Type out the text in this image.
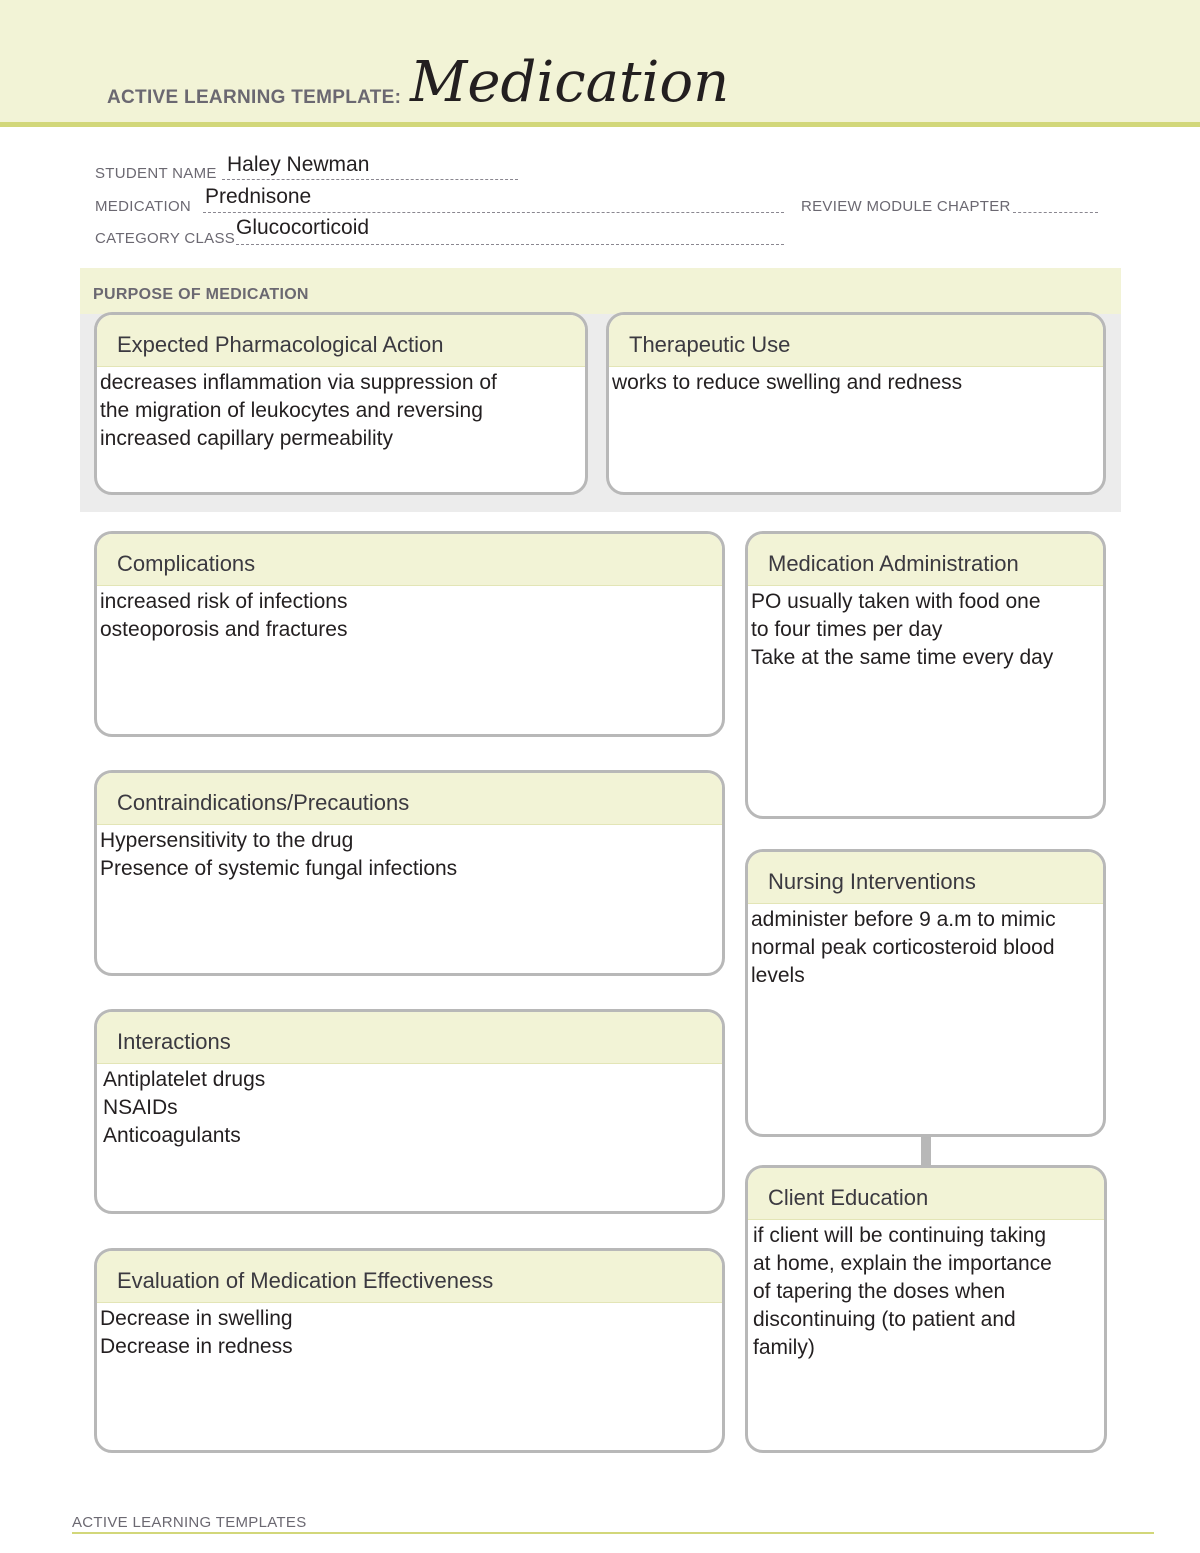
ACTIVE LEARNING TEMPLATE: Medication
STUDENT NAME Haley Newman
MEDICATION Prednisone	REVIEW MODULE CHAPTER
CATEGORY CLASS Glucocorticoid
PURPOSE OF MEDICATION
Expected Pharmacological Action
decreases inflammation via suppression of
the migration of leukocytes and reversing
increased capillary permeability
Therapeutic Use
works to reduce swelling and redness
Complications
increased risk of infections
osteoporosis and fractures
Medication Administration
PO usually taken with food one
to four times per day
Take at the same time every day
Contraindications/Precautions
Hypersensitivity to the drug
Presence of systemic fungal infections
Nursing Interventions
administer before 9 a.m to mimic
normal peak corticosteroid blood
levels
Interactions
Antiplatelet drugs
NSAIDs
Anticoagulants
Client Education
if client will be continuing taking
at home, explain the importance
of tapering the doses when
discontinuing (to patient and
family)
Evaluation of Medication Effectiveness
Decrease in swelling
Decrease in redness
ACTIVE LEARNING TEMPLATES
